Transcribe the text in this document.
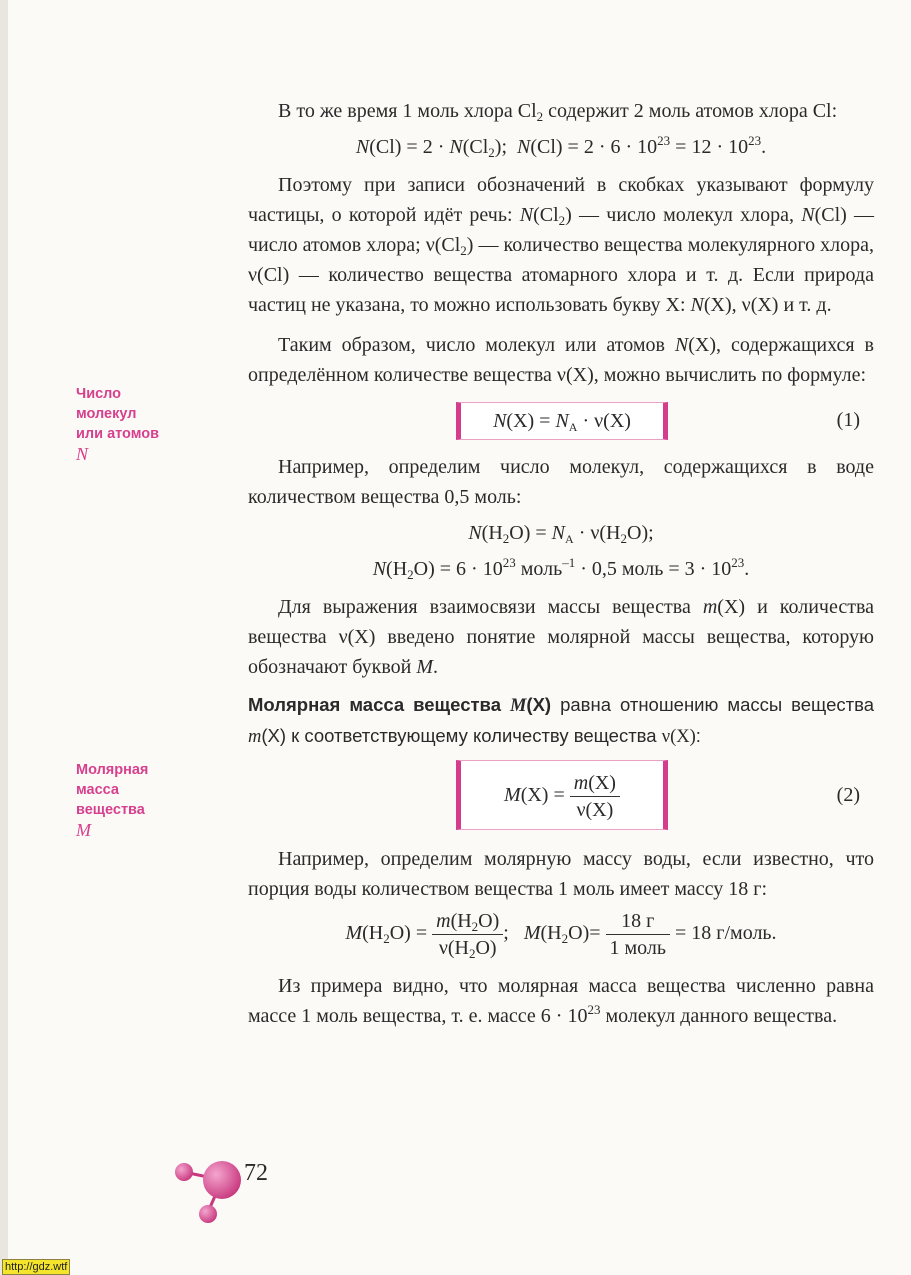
Число
молекул
или атомов
N
Молярная
масса
вещества
M

В то же время 1 моль хлора $Cl_2$ содержит 2 моль атомов хлора Cl:

$N(Cl) = 2 \cdot N(Cl_2)$;  $N(Cl) = 2 \cdot 6 \cdot 10^{23} = 12 \cdot 10^{23}$.

Поэтому при записи обозначений в скобках указывают формулу частицы, о которой идёт речь: $N(Cl_2)$ — число молекул хлора, N(Cl) — число атомов хлора; $\nu(Cl_2)$ — количество вещества молекулярного хлора, ν(Cl) — количество вещества атомарного хлора и т. д. Если природа частиц не указана, то можно использовать букву X: N(X), ν(X) и т. д.

Таким образом, число молекул или атомов N(X), содержащихся в определённом количестве вещества ν(X), можно вычислить по формуле:

$N(X) = N_A \cdot \nu(X)$	(1)

Например, определим число молекул, содержащихся в воде количеством вещества 0,5 моль:

$N(H_2O) = N_A \cdot \nu(H_2O)$;

$N(H_2O) = 6 \cdot 10^{23}$ моль$^{-1}$ · 0,5 моль = $3 \cdot 10^{23}$.

Для выражения взаимосвязи массы вещества m(X) и количества вещества ν(X) введено понятие молярной массы вещества, которую обозначают буквой M.

Молярная масса вещества M(X) равна отношению массы вещества m(X) к соответствующему количеству вещества ν(X):

$M(X) = \frac{m(X)}{\nu(X)}$	(2)

Например, определим молярную массу воды, если известно, что порция воды количеством вещества 1 моль имеет массу 18 г:

$M(H_2O) = \frac{m(H_2O)}{\nu(H_2O)}$ ;   $M(H_2O)= \frac{18 г}{\text{1 моль}} = 18$ г/моль.

Из примера видно, что молярная масса вещества численно равна массе 1 моль вещества, т. е. массе $6 \cdot 10^{23}$ молекул данного вещества.

72
http://gdz.wtf
